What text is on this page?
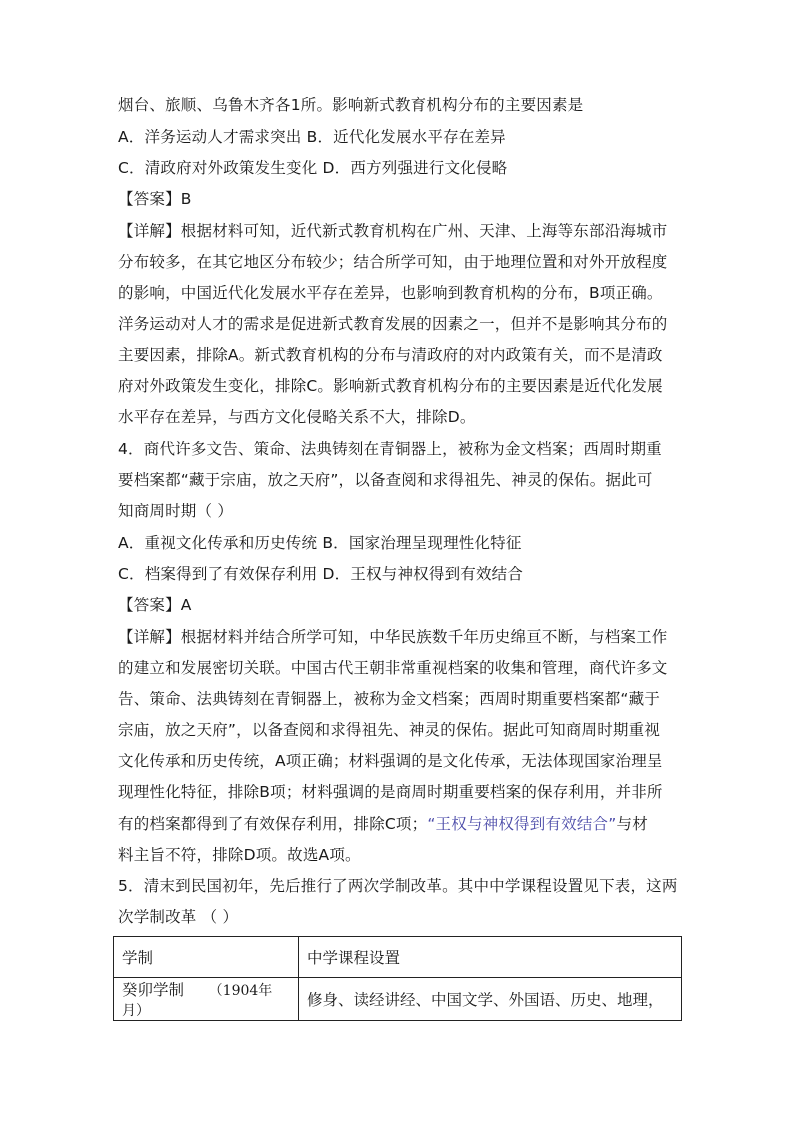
烟台、旅顺、乌鲁木齐各1所。影响新式教育机构分布的主要因素是
A．洋务运动人才需求突出 B．近代化发展水平存在差异
C．清政府对外政策发生变化 D．西方列强进行文化侵略
【答案】B
【详解】根据材料可知，近代新式教育机构在广州、天津、上海等东部沿海城市
分布较多，在其它地区分布较少；结合所学可知，由于地理位置和对外开放程度
的影响，中国近代化发展水平存在差异，也影响到教育机构的分布，B项正确。
洋务运动对人才的需求是促进新式教育发展的因素之一，但并不是影响其分布的
主要因素，排除A。新式教育机构的分布与清政府的对内政策有关，而不是清政
府对外政策发生变化，排除C。影响新式教育机构分布的主要因素是近代化发展
水平存在差异，与西方文化侵略关系不大，排除D。
4．商代许多文告、策命、法典铸刻在青铜器上，被称为金文档案；西周时期重
要档案都“藏于宗庙，放之天府”，以备查阅和求得祖先、神灵的保佑。据此可
知商周时期（ ）
A．重视文化传承和历史传统 B．国家治理呈现理性化特征
C．档案得到了有效保存利用 D．王权与神权得到有效结合
【答案】A
【详解】根据材料并结合所学可知，中华民族数千年历史绵亘不断，与档案工作
的建立和发展密切关联。中国古代王朝非常重视档案的收集和管理，商代许多文
告、策命、法典铸刻在青铜器上，被称为金文档案；西周时期重要档案都“藏于
宗庙，放之天府”，以备查阅和求得祖先、神灵的保佑。据此可知商周时期重视
文化传承和历史传统，A项正确；材料强调的是文化传承，无法体现国家治理呈
现理性化特征，排除B项；材料强调的是商周时期重要档案的保存利用，并非所
有的档案都得到了有效保存利用，排除C项；“王权与神权得到有效结合”与材
料主旨不符，排除D项。故选A项。
5．清末到民国初年，先后推行了两次学制改革。其中中学课程设置见下表，这两
次学制改革 （ ）
学制	中学课程设置
癸卯学制 （1904年月）	修身、读经讲经、中国文学、外国语、历史、地理，
